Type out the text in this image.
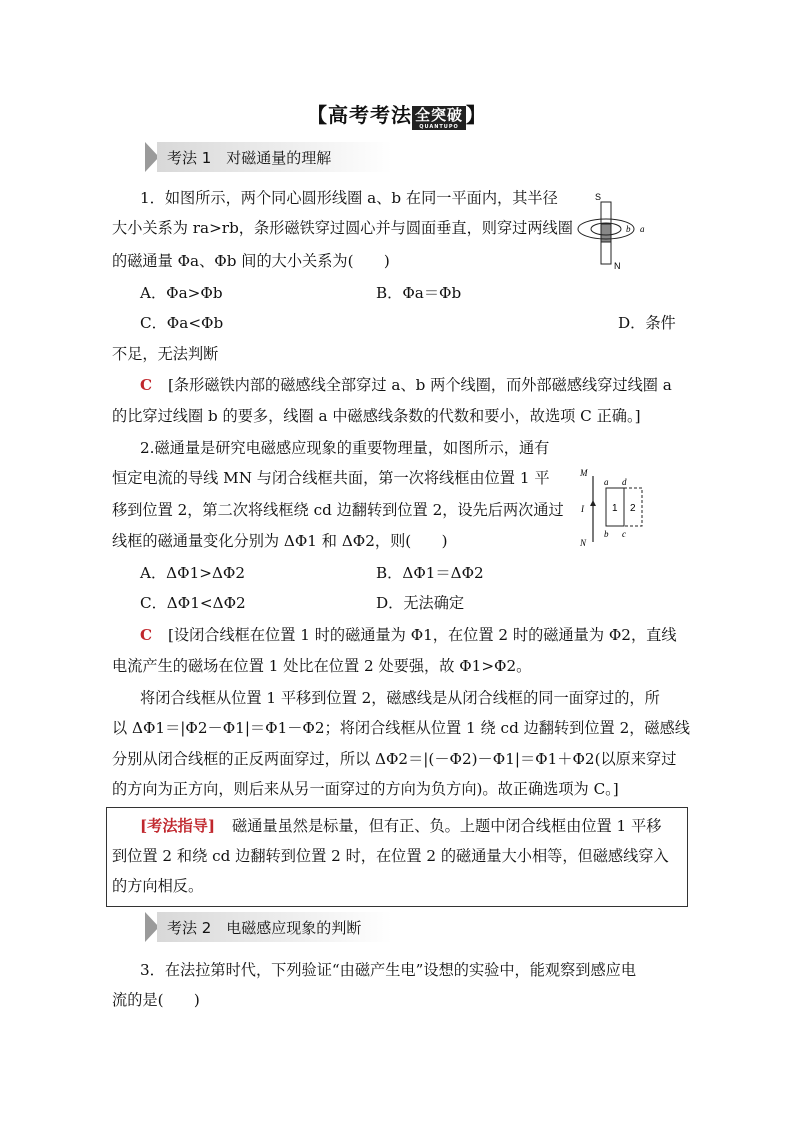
【高考考法 全突破
QUANTUPO 】
考法 1　对磁通量的理解
1．如图所示，两个同心圆形线圈 a、b 在同一平面内，其半径
大小关系为 ra>rb，条形磁铁穿过圆心并与圆面垂直，则穿过两线圈
的磁通量 Φa、Φb 间的大小关系为(　　)
A．Φa>Φb	B．Φa＝Φb
C．Φa<Φb	D．条件
不足，无法判断
C [条形磁铁内部的磁感线全部穿过 a、b 两个线圈，而外部磁感线穿过线圈 a
的比穿过线圈 b 的要多，线圈 a 中磁感线条数的代数和要小，故选项 C 正确。]
S
N
a
b
2.磁通量是研究电磁感应现象的重要物理量，如图所示，通有
恒定电流的导线 MN 与闭合线框共面，第一次将线框由位置 1 平
移到位置 2，第二次将线框绕 cd 边翻转到位置 2，设先后两次通过
线框的磁通量变化分别为 ΔΦ1 和 ΔΦ2，则(　　)
A．ΔΦ1>ΔΦ2	B．ΔΦ1＝ΔΦ2
C．ΔΦ1<ΔΦ2	D．无法确定
M
N
I
a d
b c
1 2
C [设闭合线框在位置 1 时的磁通量为 Φ1，在位置 2 时的磁通量为 Φ2，直线
电流产生的磁场在位置 1 处比在位置 2 处要强，故 Φ1>Φ2。
将闭合线框从位置 1 平移到位置 2，磁感线是从闭合线框的同一面穿过的，所
以 ΔΦ1＝|Φ2－Φ1|＝Φ1－Φ2；将闭合线框从位置 1 绕 cd 边翻转到位置 2，磁感线
分别从闭合线框的正反两面穿过，所以 ΔΦ2＝|(－Φ2)－Φ1|＝Φ1＋Φ2(以原来穿过
的方向为正方向，则后来从另一面穿过的方向为负方向)。故正确选项为 C。]
[考法指导] 磁通量虽然是标量，但有正、负。上题中闭合线框由位置 1 平移
到位置 2 和绕 cd 边翻转到位置 2 时，在位置 2 的磁通量大小相等，但磁感线穿入
的方向相反。
考法 2　电磁感应现象的判断
3．在法拉第时代，下列验证“由磁产生电”设想的实验中，能观察到感应电
流的是(　　)
